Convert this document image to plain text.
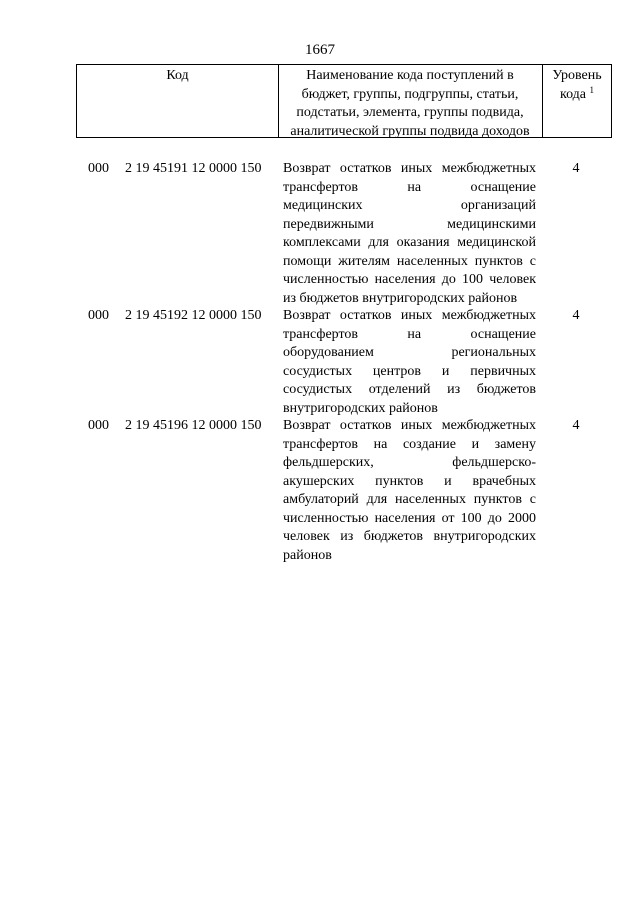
1667
Код	Наименование кода поступлений в
бюджет, группы, подгруппы, статьи,
подстатьи, элемента, группы подвида,
аналитической группы подвида доходов
Уровень
кода $^1$
000 2 19 45191 12 0000 150 Возврат остатков иных межбюджетных
трансфертов на оснащение
медицинских организаций
передвижными медицинскими
комплексами для оказания медицинской
помощи жителям населенных пунктов с
численностью населения до 100 человек
из бюджетов внутригородских районов
4
000 2 19 45192 12 0000 150 Возврат остатков иных межбюджетных
трансфертов на оснащение
оборудованием региональных
сосудистых центров и первичных
сосудистых отделений из бюджетов
внутригородских районов
4
000 2 19 45196 12 0000 150 Возврат остатков иных межбюджетных
трансфертов на создание и замену
фельдшерских, фельдшерско-
акушерских пунктов и врачебных
амбулаторий для населенных пунктов с
численностью населения от 100 до 2000
человек из бюджетов внутригородских
районов
4
